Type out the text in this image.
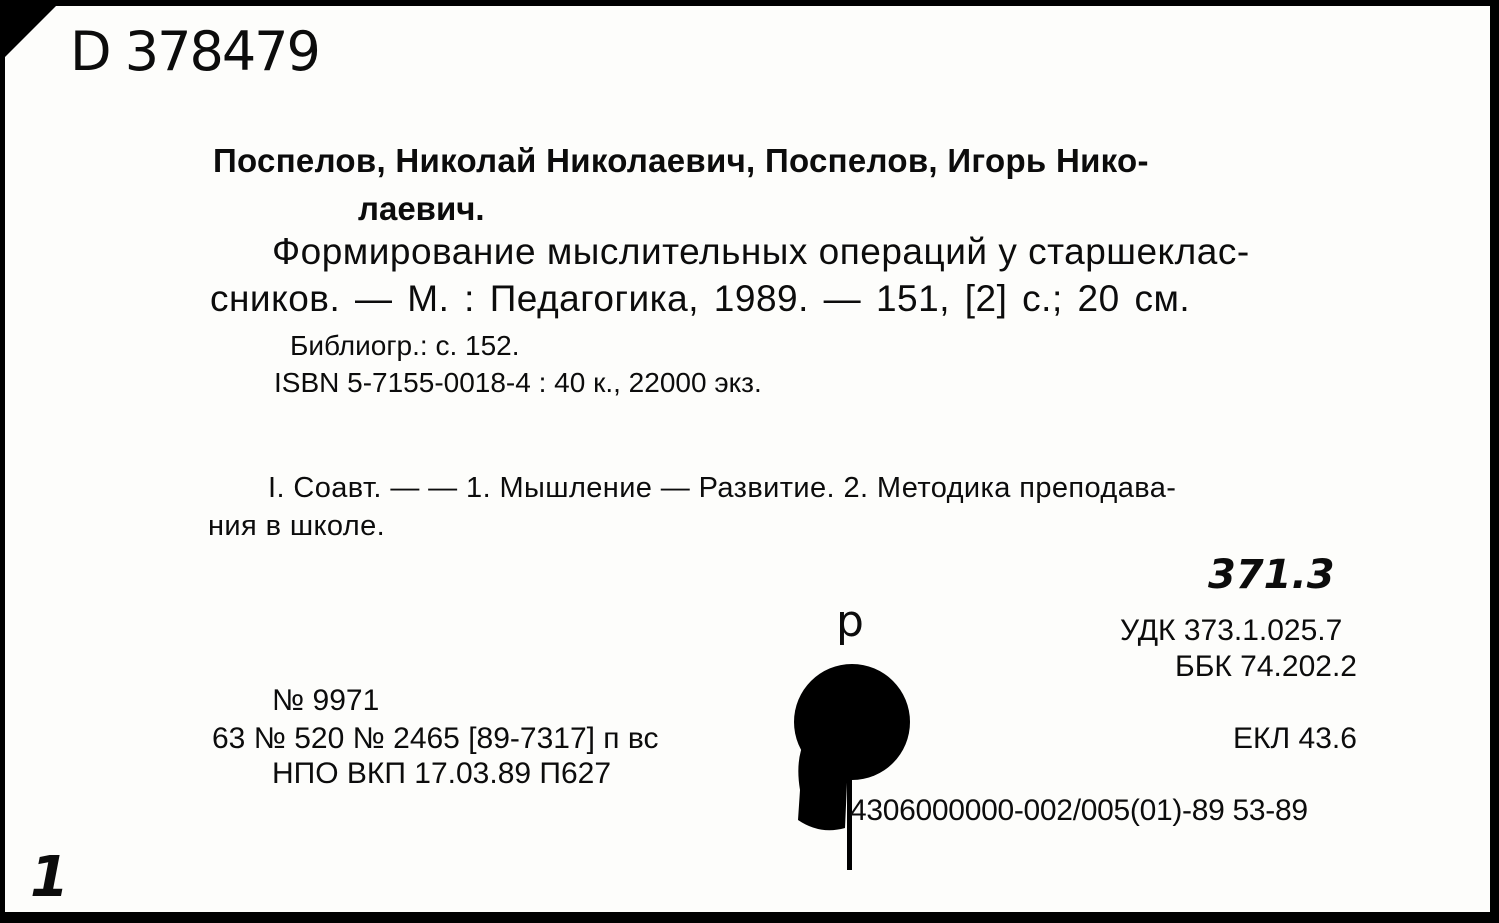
D 378479
Поспелов, Николай Николаевич, Поспелов, Игорь Нико-
лаевич.
Формирование мыслительных операций у старшеклас-
сников. — М. : Педагогика, 1989. — 151, [2] с.; 20 см.
Библиогр.: с. 152.
ISBN 5-7155-0018-4 : 40 к., 22000 экз.
I. Соавт. — — 1. Мышление — Развитие. 2. Методика преподава-
ния в школе.
371.3
p	УДК 373.1.025.7
ББК 74.202.2
№ 9971
63 № 520 № 2465 [89-7317] п вс
НПО ВКП 17.03.89 П627
ЕКЛ 43.6
4306000000-002/005(01)-89 53-89
1
